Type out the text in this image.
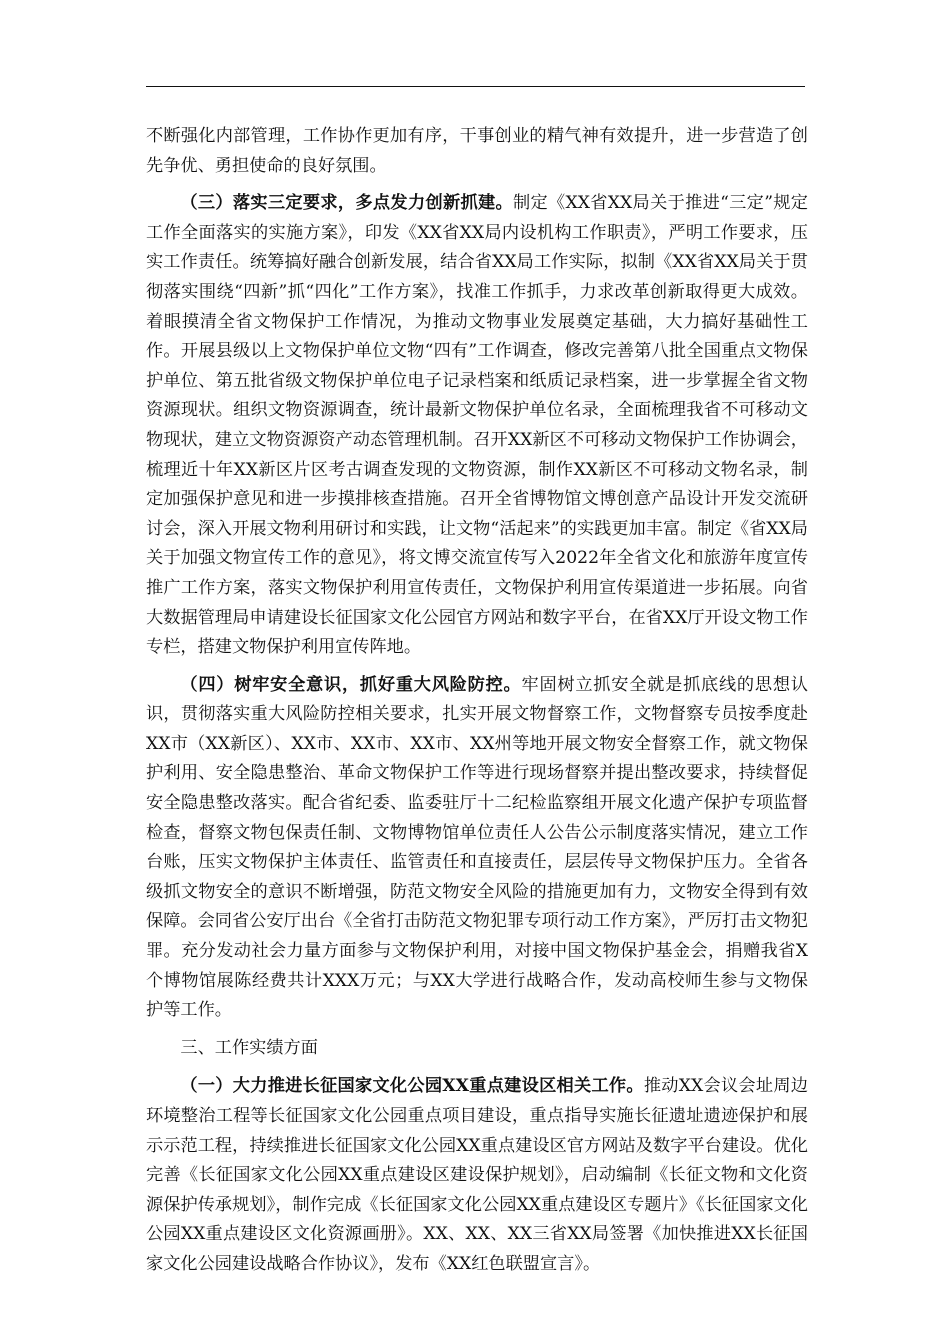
不断强化内部管理，工作协作更加有序，干事创业的精气神有效提升，进一步营造了创先争优、勇担使命的良好氛围。

（三）落实三定要求，多点发力创新抓建。制定《XX省XX局关于推进“三定”规定工作全面落实的实施方案》，印发《XX省XX局内设机构工作职责》，严明工作要求，压实工作责任。统筹搞好融合创新发展，结合省XX局工作实际，拟制《XX省XX局关于贯彻落实围绕“四新”抓“四化”工作方案》，找准工作抓手，力求改革创新取得更大成效。着眼摸清全省文物保护工作情况，为推动文物事业发展奠定基础，大力搞好基础性工作。开展县级以上文物保护单位文物“四有”工作调查，修改完善第八批全国重点文物保护单位、第五批省级文物保护单位电子记录档案和纸质记录档案，进一步掌握全省文物资源现状。组织文物资源调查，统计最新文物保护单位名录，全面梳理我省不可移动文物现状，建立文物资源资产动态管理机制。召开XX新区不可移动文物保护工作协调会，梳理近十年XX新区片区考古调查发现的文物资源，制作XX新区不可移动文物名录，制定加强保护意见和进一步摸排核查措施。召开全省博物馆文博创意产品设计开发交流研讨会，深入开展文物利用研讨和实践，让文物“活起来”的实践更加丰富。制定《省XX局关于加强文物宣传工作的意见》，将文博交流宣传写入2022年全省文化和旅游年度宣传推广工作方案，落实文物保护利用宣传责任，文物保护利用宣传渠道进一步拓展。向省大数据管理局申请建设长征国家文化公园官方网站和数字平台，在省XX厅开设文物工作专栏，搭建文物保护利用宣传阵地。

（四）树牢安全意识，抓好重大风险防控。牢固树立抓安全就是抓底线的思想认识，贯彻落实重大风险防控相关要求，扎实开展文物督察工作，文物督察专员按季度赴XX市（XX新区）、XX市、XX市、XX市、XX州等地开展文物安全督察工作，就文物保护利用、安全隐患整治、革命文物保护工作等进行现场督察并提出整改要求，持续督促安全隐患整改落实。配合省纪委、监委驻厅十二纪检监察组开展文化遗产保护专项监督检查，督察文物包保责任制、文物博物馆单位责任人公告公示制度落实情况，建立工作台账，压实文物保护主体责任、监管责任和直接责任，层层传导文物保护压力。全省各级抓文物安全的意识不断增强，防范文物安全风险的措施更加有力，文物安全得到有效保障。会同省公安厅出台《全省打击防范文物犯罪专项行动工作方案》，严厉打击文物犯罪。充分发动社会力量方面参与文物保护利用，对接中国文物保护基金会，捐赠我省X个博物馆展陈经费共计XXX万元；与XX大学进行战略合作，发动高校师生参与文物保护等工作。

三、工作实绩方面

（一）大力推进长征国家文化公园XX重点建设区相关工作。推动XX会议会址周边环境整治工程等长征国家文化公园重点项目建设，重点指导实施长征遗址遗迹保护和展示示范工程，持续推进长征国家文化公园XX重点建设区官方网站及数字平台建设。优化完善《长征国家文化公园XX重点建设区建设保护规划》，启动编制《长征文物和文化资源保护传承规划》，制作完成《长征国家文化公园XX重点建设区专题片》《长征国家文化公园XX重点建设区文化资源画册》。XX、XX、XX三省XX局签署《加快推进XX长征国家文化公园建设战略合作协议》，发布《XX红色联盟宣言》。
